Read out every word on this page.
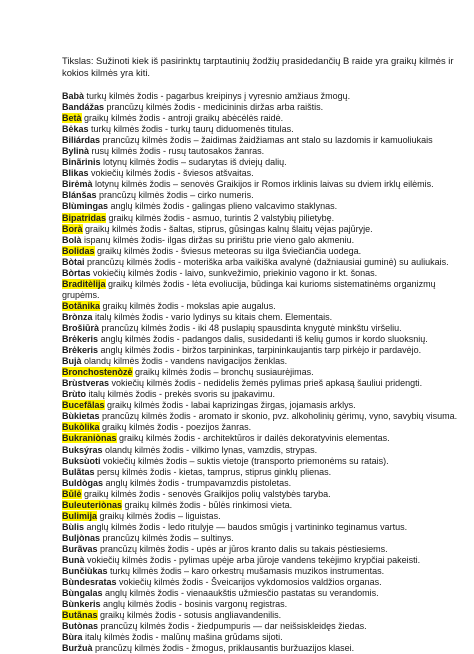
Tikslas: Sužinoti kiek iš pasirinktų tarptautinių žodžių prasidedančių B raide yra graikų kilmės ir kokios kilmės yra kiti.

Babà turkų kilmės žodis - pagarbus kreipinys į vyresnio amžiaus žmogų.
Bandážas prancūzų kilmės žodis - medicininis diržas arba raištis.
Betà graikų kilmės žodis - antroji graikų abėcėlės raidė.
Bėkas turkų kilmės žodis - turkų taurų diduomenės titulas.
Biliárdas prancūzų kilmės žodis – žaidimas žaidžiamas ant stalo su lazdomis ir kamuoliukais
Bylinà rusų kilmės žodis - rusų tautosakos žanras.
Binãrinis lotynų kilmės žodis – sudarytas iš dviejų dalių.
Blikas vokiečių kilmės žodis - šviesos atšvaitas.
Birėmà lotynų kilmės žodis – senovės Graikijos ir Romos irklinis laivas su dviem irklų eilėmis.
Blánšas prancūzų kilmės žodis – cirko numeris.
Blùmingas anglų kilmės žodis - galingas plieno valcavimo staklynas.
Bipatridas graikų kilmės žodis - asmuo, turintis 2 valstybių pilietybę.
Borà graikų kilmės žodis - šaltas, stiprus, gūsingas kalnų šlaitų vėjas pajūryje.
Bolà ispanų kilmės žodis- ilgas diržas su pririštu prie vieno galo akmeniu.
Bolidas graikų kilmės žodis - šviesus meteoras su ilga šviečiančia uodega.
Bòtai prancūzų kilmės žodis - moteriška arba vaikiška avalynė (dažniausiai guminė) su auliukais.
Bòrtas vokiečių kilmės žodis - laivo, sunkvežimio, priekinio vagono ir kt. šonas.
Braditèlija graikų kilmės žodis - lėta evoliucija, būdinga kai kurioms sistematinėms organizmų grupėms.
Botãnika graikų kilmės žodis - mokslas apie augalus.
Brònza italų kilmės žodis - vario lydinys su kitais chem. Elementais.
Brošiūrà prancūzų kilmės žodis - iki 48 puslapių spausdinta knygutė minkštu viršeliu.
Brėkeris anglų kilmės žodis - padangos dalis, susidedanti iš kelių gumos ir kordo sluoksnių.
Brėkeris anglų kilmės žodis - biržos tarpininkas, tarpininkaujantis tarp pirkėjo ir pardavėjo.
Bujà olandų kilmės žodis - vandens navigacijos ženklas.
Bronchostenòzė graikų kilmės žodis – bronchų susiaurėjimas.
Brùstveras vokiečių kilmės žodis - nedidelis žemės pylimas prieš apkasą šauliui pridengti.
Brùto italų kilmės žodis - prekės svoris su įpakavimu.
Bucefãlas graikų kilmės žodis - labai kaprizingas žirgas, jojamasis arklys.
Bùkietas prancūzų kilmės žodis - aromato ir skonio, pvz. alkoholinių gėrimų, vyno, savybių visuma.
Bukòlika graikų kilmės žodis - poezijos žanras.
Bukraniònas graikų kilmės žodis - architektūros ir dailės dekoratyvinis elementas.
Buksýras olandų kilmės žodis - vilkimo lynas, vamzdis, strypas.
Buksùoti vokiečių kilmės žodis – suktis vietoje (transporto priemonėms su ratais).
Bulãtas persų kilmės žodis - kietas, tamprus, stiprus ginklų plienas.
Buldògas anglų kilmės žodis - trumpavamzdis pistoletas.
Būlė graikų kilmės žodis - senovės Graikijos polių valstybės taryba.
Buleuteriònas graikų kilmės žodis - būlės rinkimosi vieta.
Bulimija graikų kilmės žodis – liguistas.
Bùlis anglų kilmės žodis - ledo ritulyje — baudos smūgis į vartininko teginamus vartus.
Buljònas prancūzų kilmės žodis – sultinys.
Burãvas prancūzų kilmės žodis - upės ar jūros kranto dalis su takais pėstiesiems.
Bunà vokiečių kilmės žodis - pylimas upėje arba jūroje vandens tekėjimo krypčiai pakeisti.
Bunčiùkas turkų kilmės žodis – karo orkestrų mušamasis muzikos instrumentas.
Bùndesratas vokiečių kilmės žodis - Šveicarijos vykdomosios valdžios organas.
Bùngalas anglų kilmės žodis - vienaaukštis užmiesčio pastatas su verandomis.
Bùnkeris anglų kilmės žodis - bosinis vargonų registras.
Butãnas graikų kilmės žodis - sotusis angliavandenilis.
Butònas prancūzų kilmės žodis - žiedpumpuris — dar neišsiskleidęs žiedas.
Bùra italų kilmės žodis - malūnų mašina grūdams sijoti.
Buržuà prancūzų kilmės žodis - žmogus, priklausantis buržuazijos klasei.
